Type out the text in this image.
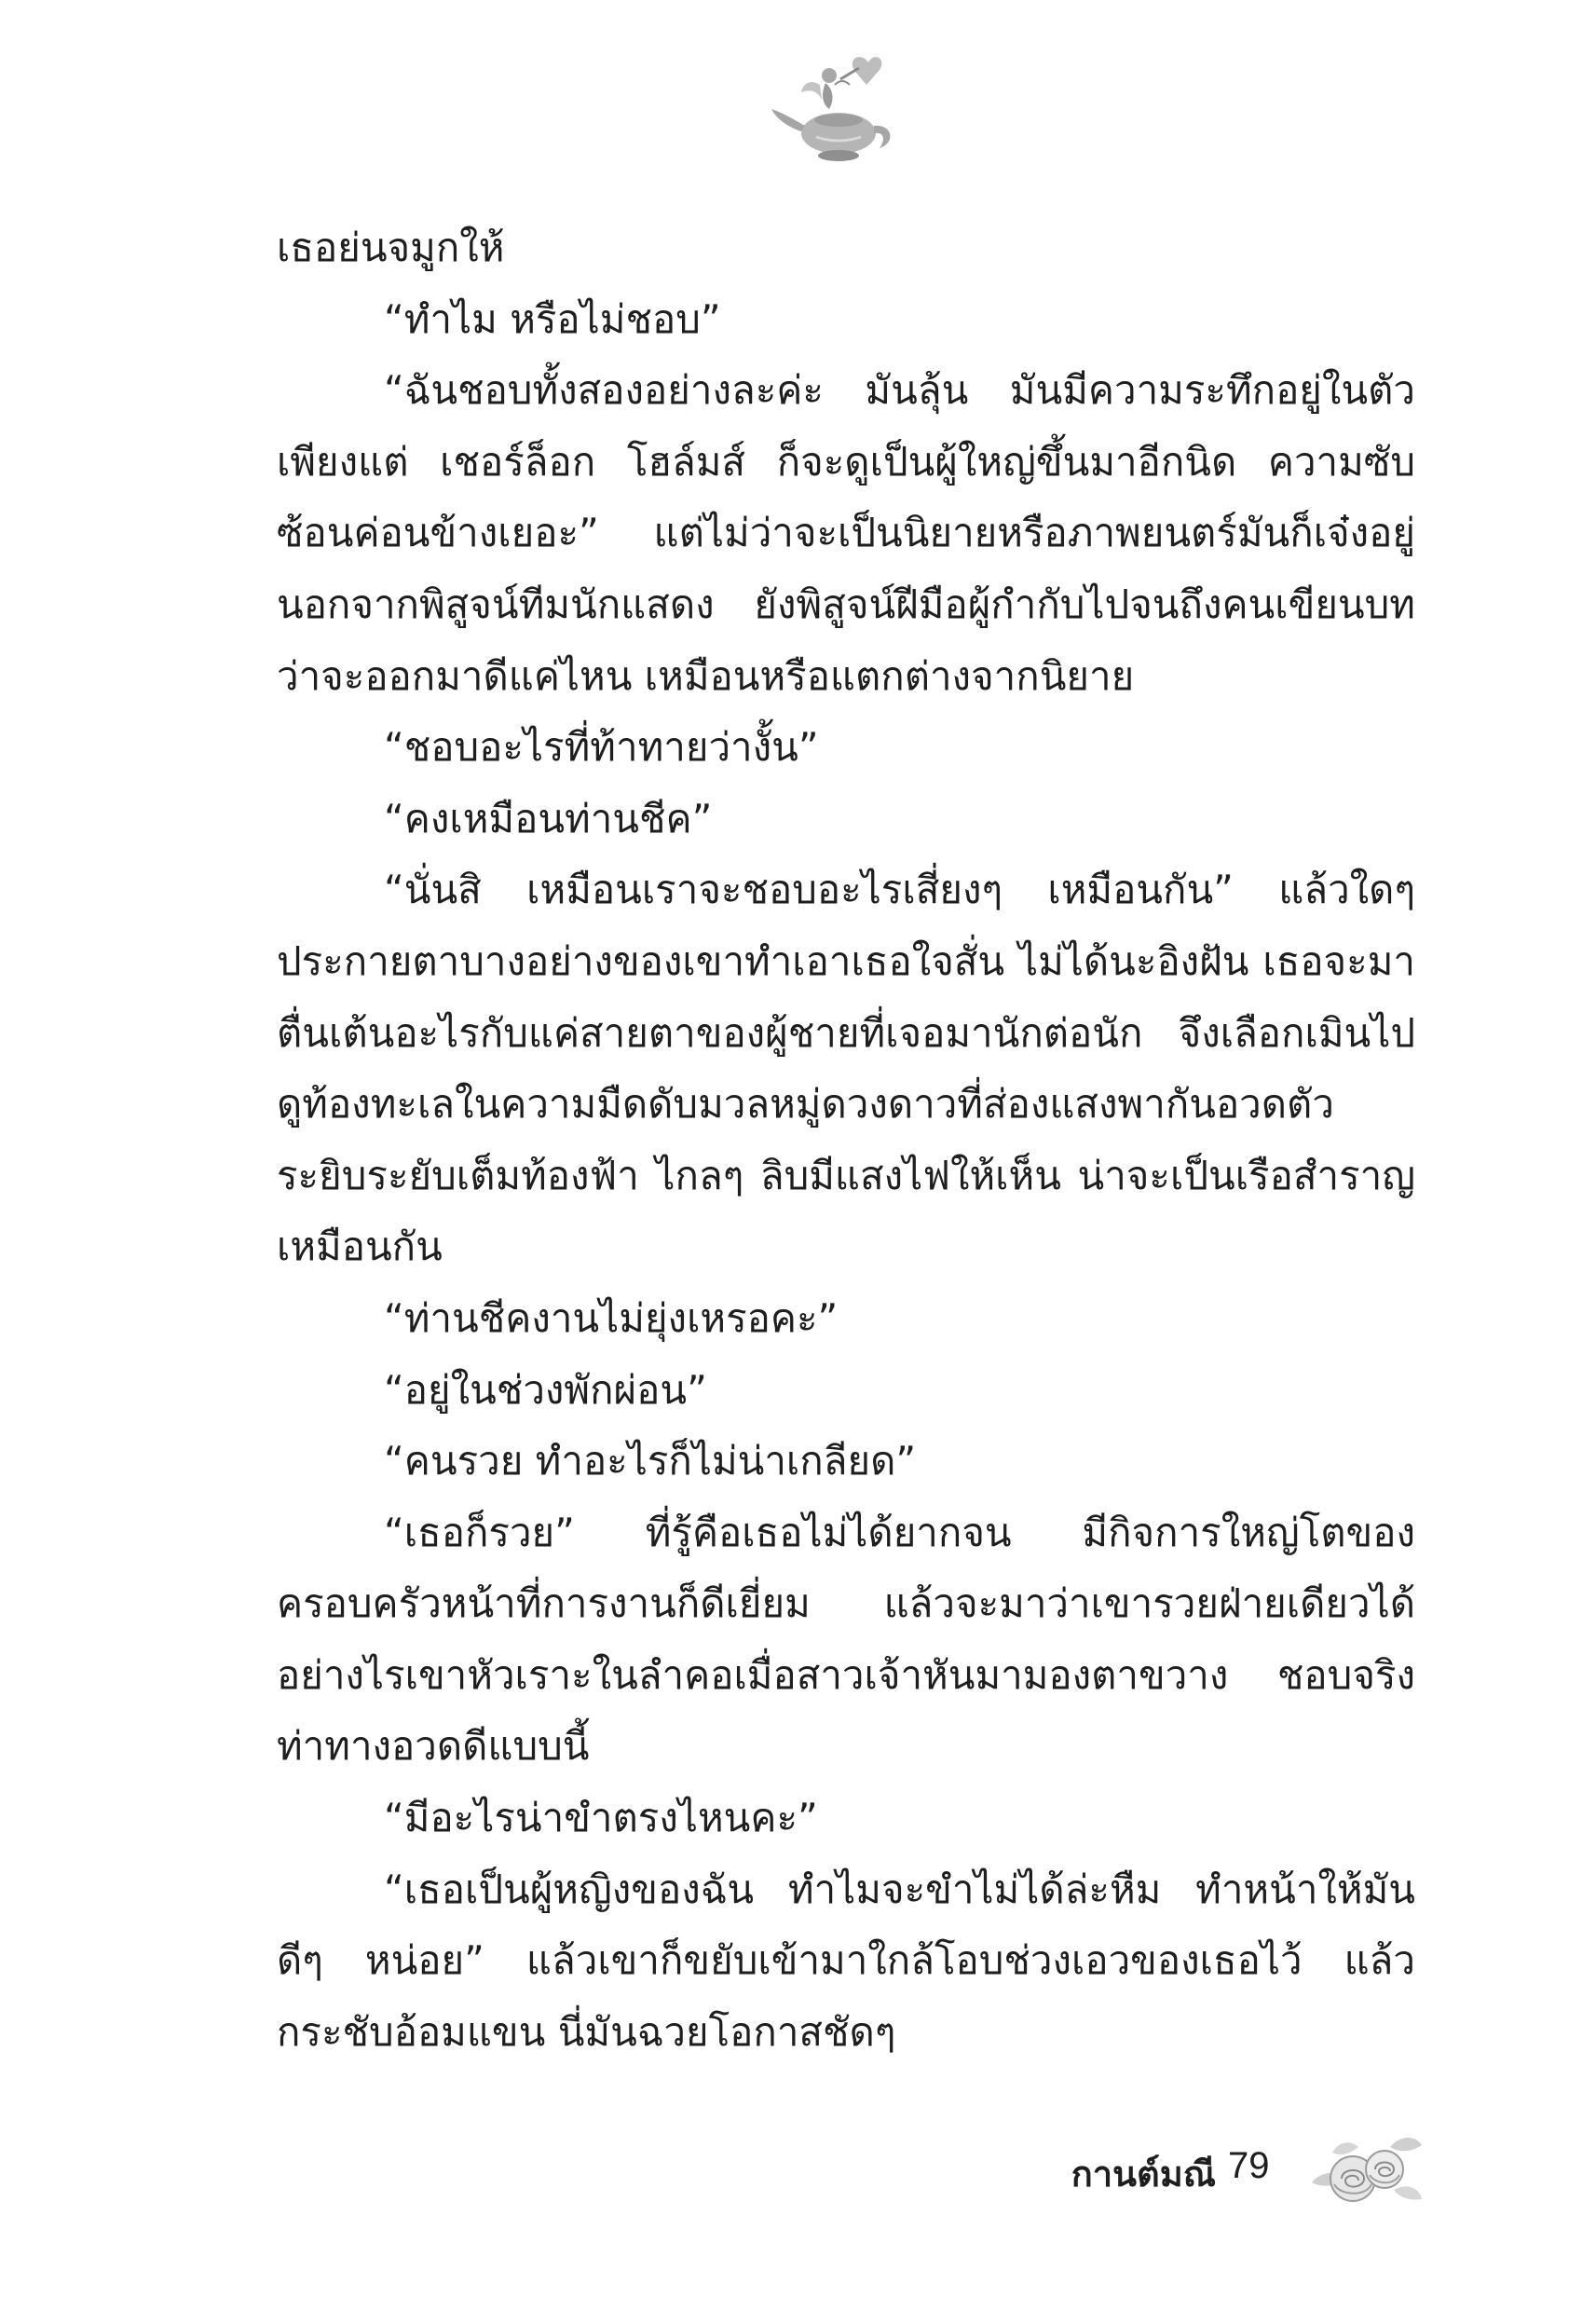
เธอย่นจมูกให้

“ทำไม หรือไม่ชอบ”

“ฉันชอบทั้งสองอย่างละค่ะ มันลุ้น มันมีความระทึกอยู่ในตัว เพียงแต่ เชอร์ล็อก โฮล์มส์ ก็จะดูเป็นผู้ใหญ่ขึ้นมาอีกนิด ความซับซ้อนค่อนข้างเยอะ” แต่ไม่ว่าจะเป็นนิยายหรือภาพยนตร์มันก็เจ๋งอยู่ นอกจากพิสูจน์ทีมนักแสดง ยังพิสูจน์ฝีมือผู้กำกับไปจนถึงคนเขียนบทว่าจะออกมาดีแค่ไหน เหมือนหรือแตกต่างจากนิยาย

“ชอบอะไรที่ท้าทายว่างั้น”

“คงเหมือนท่านชีค”

“นั่นสิ เหมือนเราจะชอบอะไรเสี่ยงๆ เหมือนกัน” แล้วใดๆ ประกายตาบางอย่างของเขาทำเอาเธอใจสั่น ไม่ได้นะอิงฝัน เธอจะมาตื่นเต้นอะไรกับแค่สายตาของผู้ชายที่เจอมานักต่อนัก จึงเลือกเมินไปดูท้องทะเลในความมืดดับมวลหมู่ดวงดาวที่ส่องแสงพากันอวดตัวระยิบระยับเต็มท้องฟ้า ไกลๆ ลิบมีแสงไฟให้เห็น น่าจะเป็นเรือสำราญเหมือนกัน

“ท่านชีคงานไม่ยุ่งเหรอคะ”

“อยู่ในช่วงพักผ่อน”

“คนรวย ทำอะไรก็ไม่น่าเกลียด”

“เธอก็รวย” ที่รู้คือเธอไม่ได้ยากจน มีกิจการใหญ่โตของครอบครัวหน้าที่การงานก็ดีเยี่ยม แล้วจะมาว่าเขารวยฝ่ายเดียวได้อย่างไรเขาหัวเราะในลำคอเมื่อสาวเจ้าหันมามองตาขวาง ชอบจริงท่าทางอวดดีแบบนี้

“มีอะไรน่าขำตรงไหนคะ”

“เธอเป็นผู้หญิงของฉัน ทำไมจะขำไม่ได้ล่ะหืม ทำหน้าให้มันดีๆ หน่อย” แล้วเขาก็ขยับเข้ามาใกล้โอบช่วงเอวของเธอไว้ แล้วกระชับอ้อมแขน นี่มันฉวยโอกาสชัดๆ

กานต์มณี 79
